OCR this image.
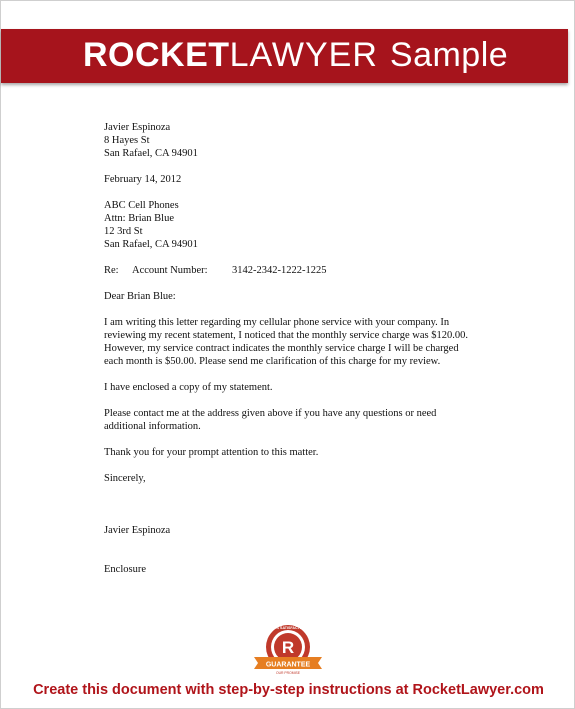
ROCKETLAWYER Sample
Javier Espinoza
8 Hayes St
San Rafael, CA 94901
February 14, 2012
ABC Cell Phones
Attn: Brian Blue
12 3rd St
San Rafael, CA 94901
Re: Account Number: 3142-2342-1222-1225
Dear Brian Blue:
I am writing this letter regarding my cellular phone service with your company. In reviewing my recent statement, I noticed that the monthly service charge was $120.00. However, my service contract indicates the monthly service charge I will be charged each month is $50.00. Please send me clarification of this charge for my review.
I have enclosed a copy of my statement.
Please contact me at the address given above if you have any questions or need additional information.
Thank you for your prompt attention to this matter.
Sincerely,
Javier Espinoza
Enclosure
R
100% SATISFACTION
GUARANTEE
OUR PROMISE
Create this document with step-by-step instructions at RocketLawyer.com
